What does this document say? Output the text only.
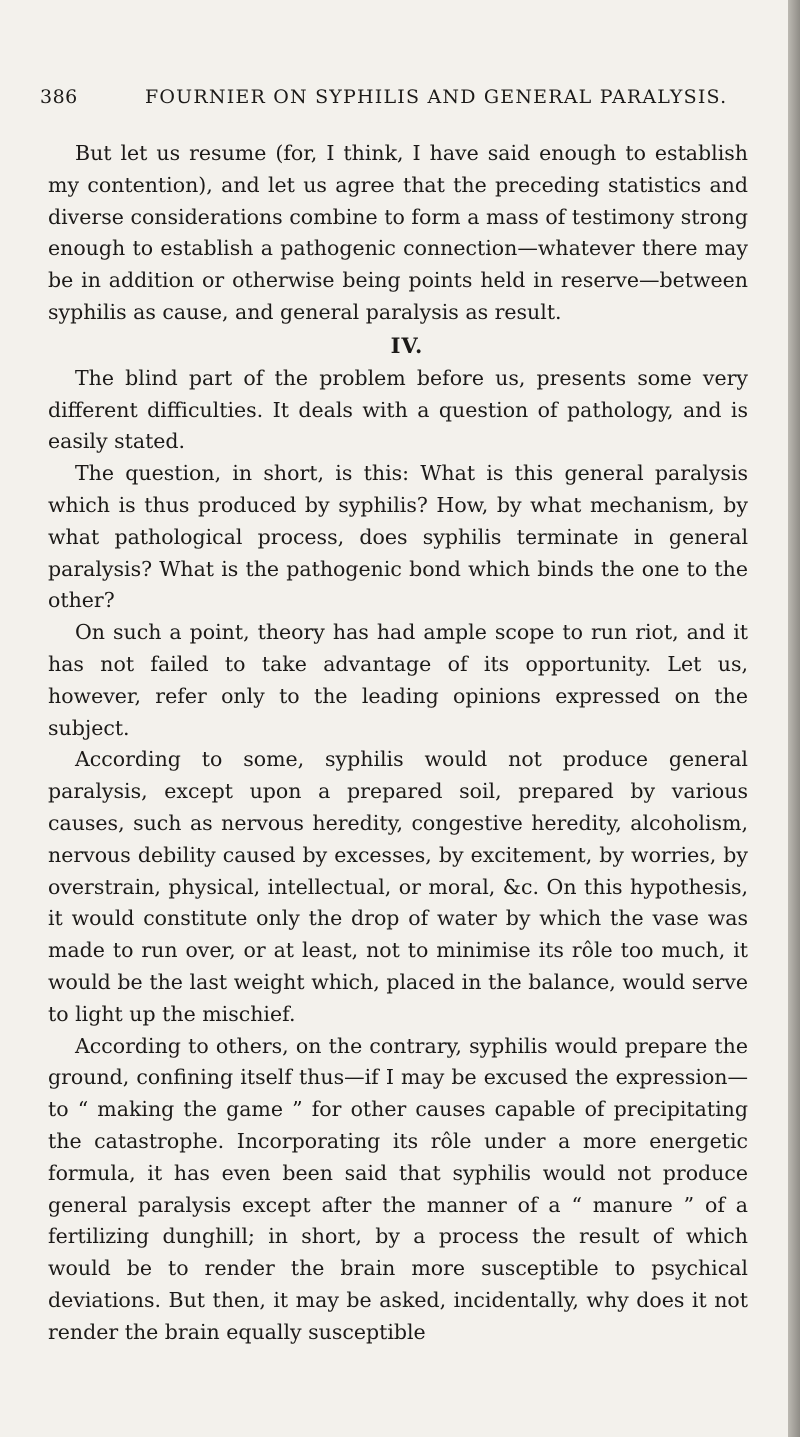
386	FOURNIER ON SYPHILIS AND GENERAL PARALYSIS.

But let us resume (for, I think, I have said enough to establish my contention), and let us agree that the preceding statistics and diverse considerations combine to form a mass of testimony strong enough to establish a pathogenic connection—whatever there may be in addition or otherwise being points held in reserve—between syphilis as cause, and general paralysis as result.

IV.

The blind part of the problem before us, presents some very different difficulties. It deals with a question of pathology, and is easily stated.

The question, in short, is this: What is this general paralysis which is thus produced by syphilis? How, by what mechanism, by what pathological process, does syphilis terminate in general paralysis? What is the pathogenic bond which binds the one to the other?

On such a point, theory has had ample scope to run riot, and it has not failed to take advantage of its opportunity. Let us, however, refer only to the leading opinions expressed on the subject.

According to some, syphilis would not produce general paralysis, except upon a prepared soil, prepared by various causes, such as nervous heredity, congestive heredity, alcoholism, nervous debility caused by excesses, by excitement, by worries, by overstrain, physical, intellectual, or moral, &c. On this hypothesis, it would constitute only the drop of water by which the vase was made to run over, or at least, not to minimise its rôle too much, it would be the last weight which, placed in the balance, would serve to light up the mischief.

According to others, on the contrary, syphilis would prepare the ground, confining itself thus—if I may be excused the expression—to “ making the game ” for other causes capable of precipitating the catastrophe. Incorporating its rôle under a more energetic formula, it has even been said that syphilis would not produce general paralysis except after the manner of a “ manure ” of a fertilizing dunghill; in short, by a process the result of which would be to render the brain more susceptible to psychical deviations. But then, it may be asked, incidentally, why does it not render the brain equally susceptible
